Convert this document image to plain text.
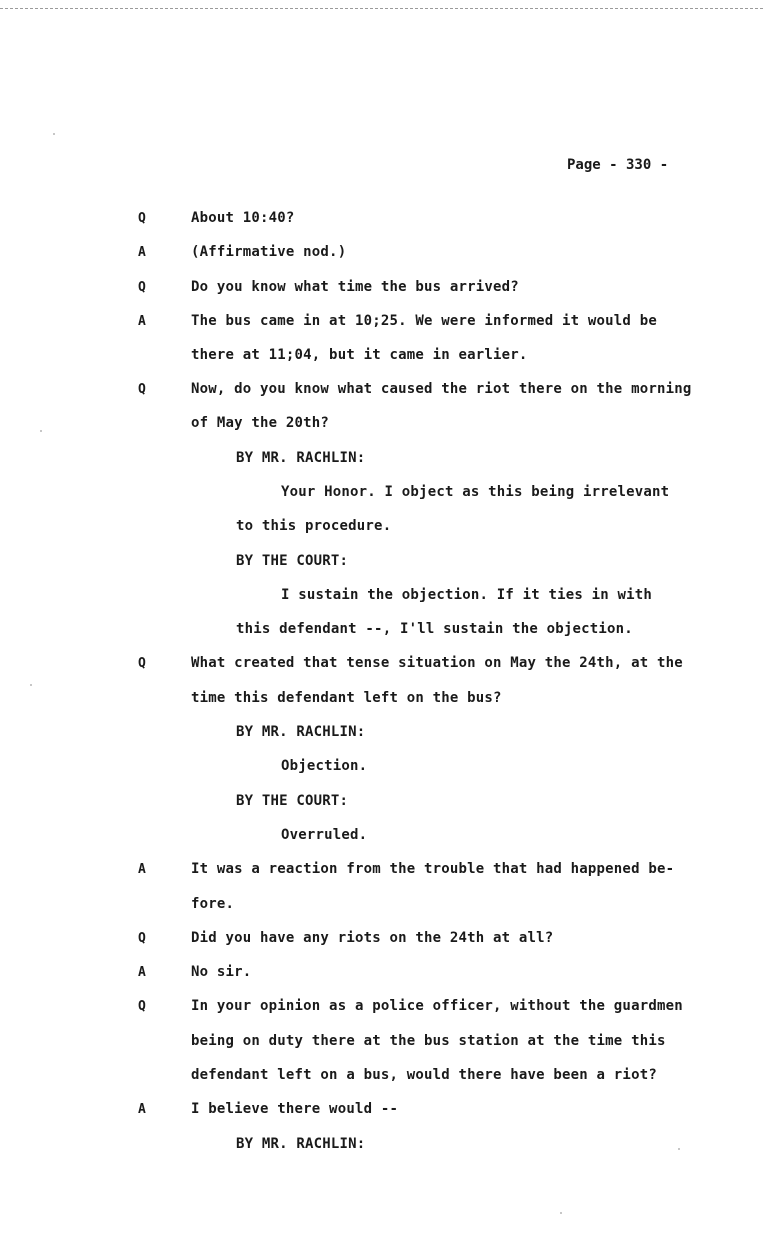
Page - 330 -
Q	About 10:40?
A	(Affirmative nod.)
Q	Do you know what time the bus arrived?
A	The bus came in at 10;25. We were informed it would be
there at 11;04, but it came in earlier.
Q	Now, do you know what caused the riot there on the morning
of May the 20th?
BY MR. RACHLIN:
Your Honor. I object as this being irrelevant
to this procedure.
BY THE COURT:
I sustain the objection. If it ties in with
this defendant --, I'll sustain the objection.
Q	What created that tense situation on May the 24th, at the
time this defendant left on the bus?
BY MR. RACHLIN:
Objection.
BY THE COURT:
Overruled.
A	It was a reaction from the trouble that had happened be-
fore.
Q	Did you have any riots on the 24th at all?
A	No sir.
Q	In your opinion as a police officer, without the guardmen
being on duty there at the bus station at the time this
defendant left on a bus, would there have been a riot?
A	I believe there would --
BY MR. RACHLIN:
